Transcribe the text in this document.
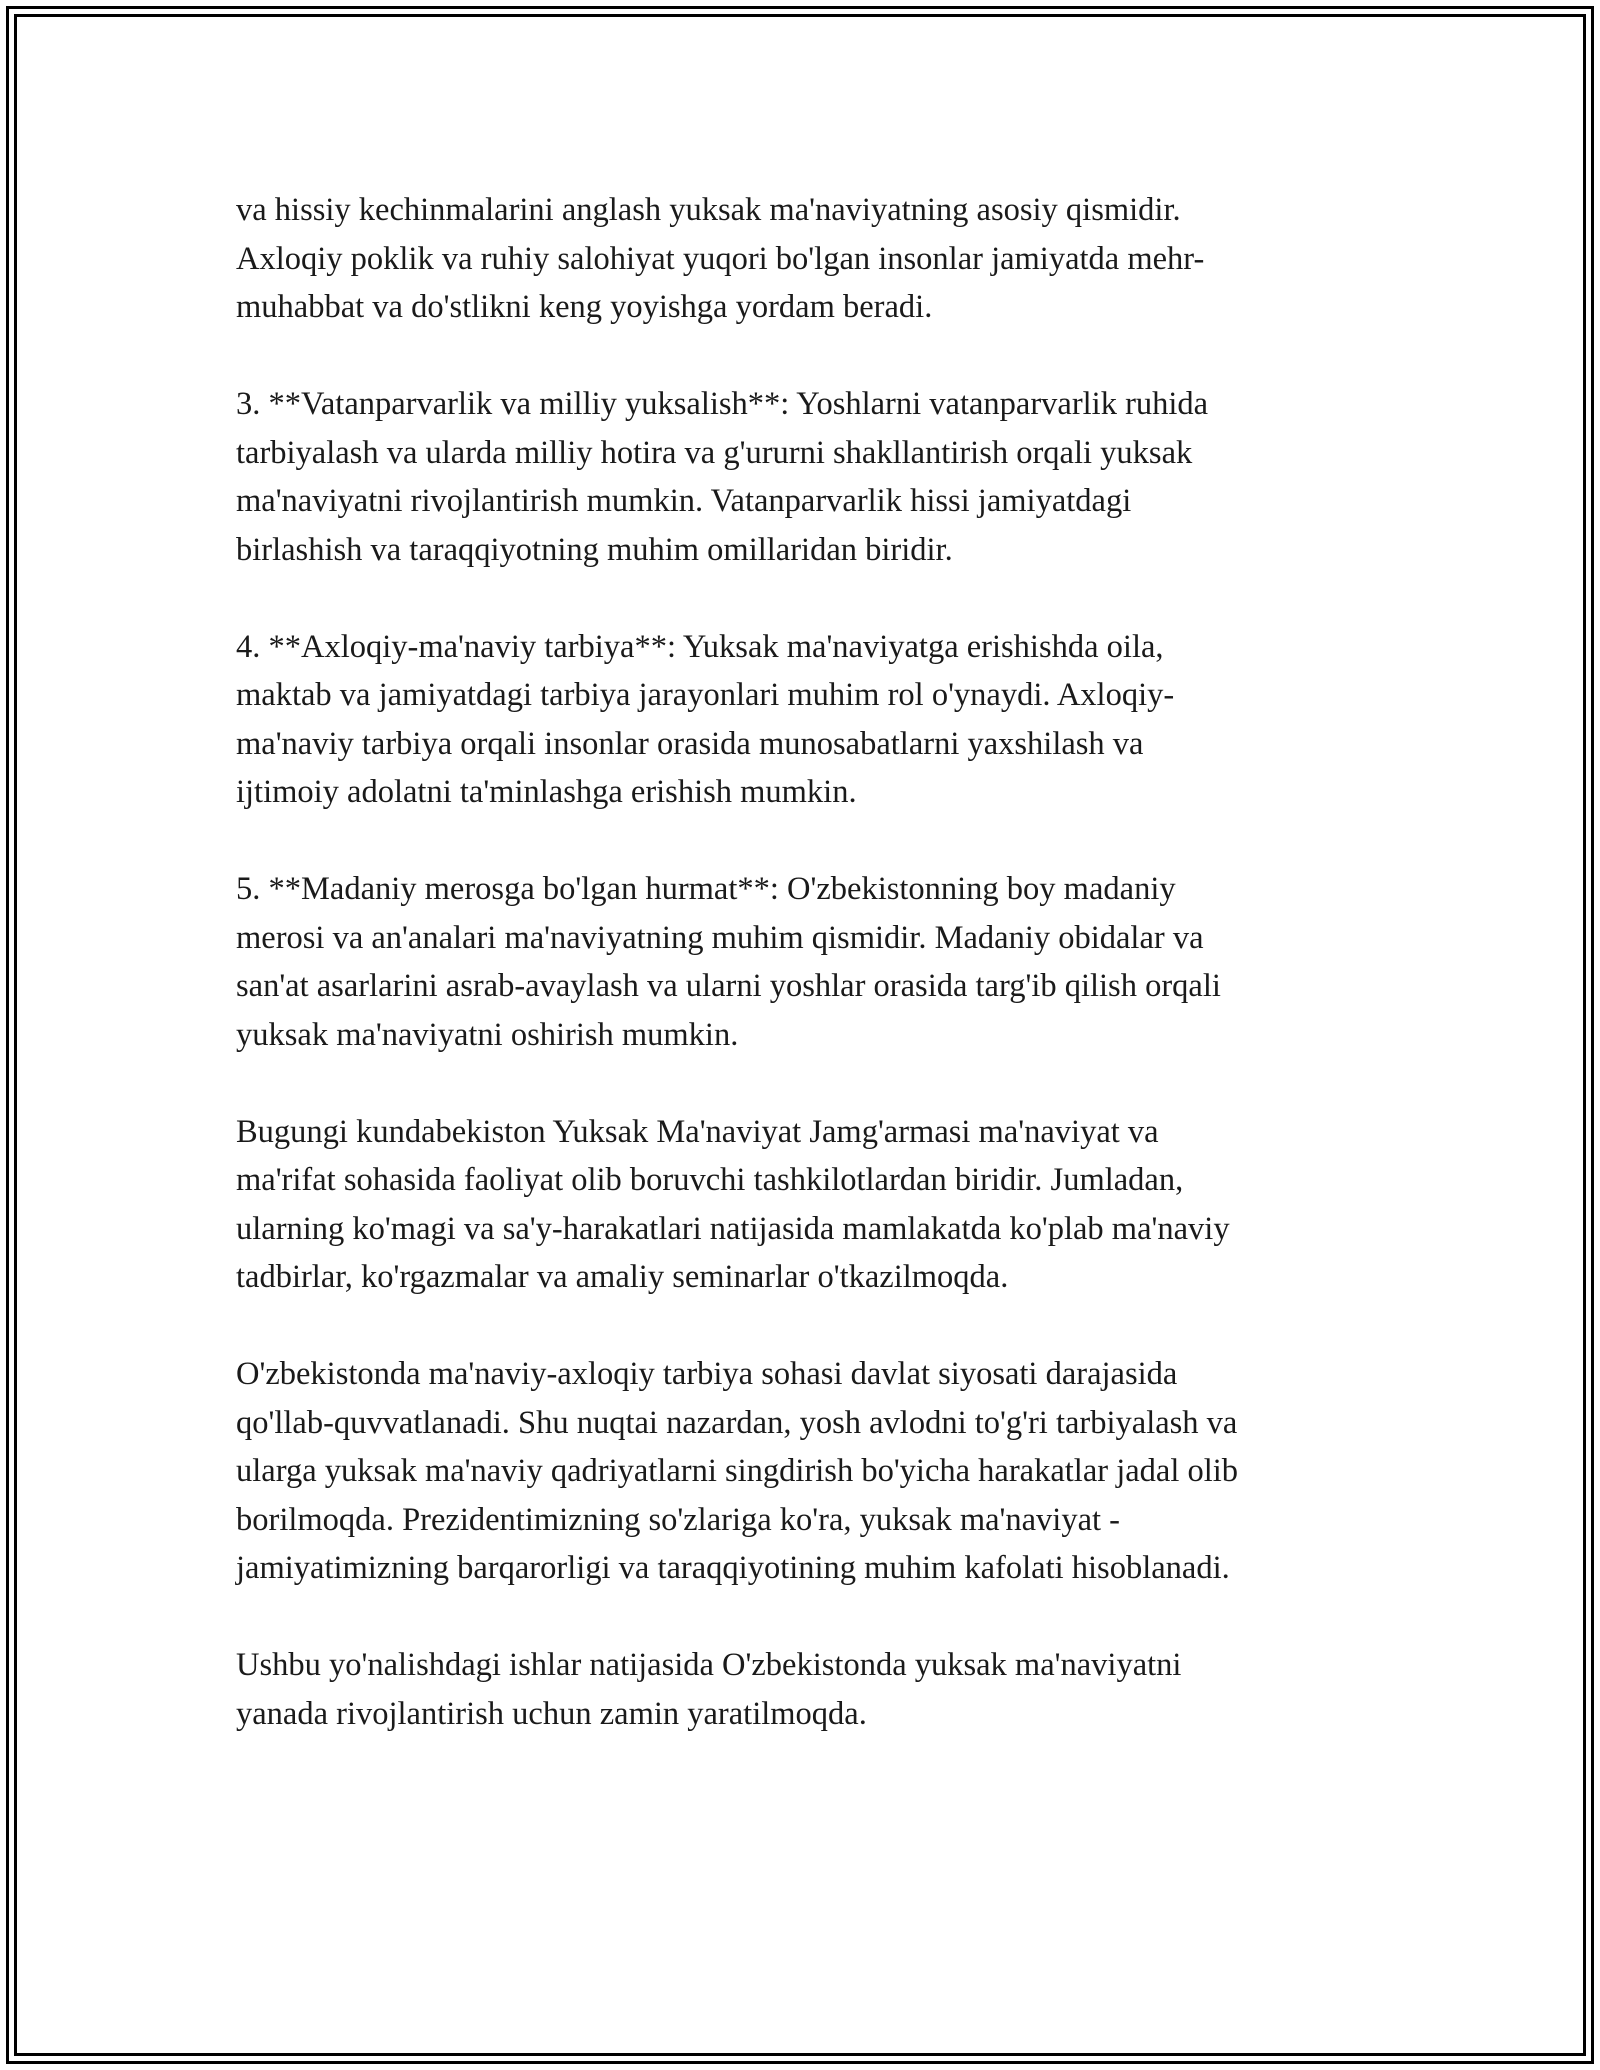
va hissiy kechinmalarini anglash yuksak ma'naviyatning asosiy qismidir.
Axloqiy poklik va ruhiy salohiyat yuqori bo'lgan insonlar jamiyatda mehr-
muhabbat va do'stlikni keng yoyishga yordam beradi.

3. **Vatanparvarlik va milliy yuksalish**: Yoshlarni vatanparvarlik ruhida
tarbiyalash va ularda milliy hotira va g'ururni shakllantirish orqali yuksak
ma'naviyatni rivojlantirish mumkin. Vatanparvarlik hissi jamiyatdagi
birlashish va taraqqiyotning muhim omillaridan biridir.

4. **Axloqiy-ma'naviy tarbiya**: Yuksak ma'naviyatga erishishda oila,
maktab va jamiyatdagi tarbiya jarayonlari muhim rol o'ynaydi. Axloqiy-
ma'naviy tarbiya orqali insonlar orasida munosabatlarni yaxshilash va
ijtimoiy adolatni ta'minlashga erishish mumkin.

5. **Madaniy merosga bo'lgan hurmat**: O'zbekistonning boy madaniy
merosi va an'analari ma'naviyatning muhim qismidir. Madaniy obidalar va
san'at asarlarini asrab-avaylash va ularni yoshlar orasida targ'ib qilish orqali
yuksak ma'naviyatni oshirish mumkin.

Bugungi kundabekiston Yuksak Ma'naviyat Jamg'armasi ma'naviyat va
ma'rifat sohasida faoliyat olib boruvchi tashkilotlardan biridir. Jumladan,
ularning ko'magi va sa'y-harakatlari natijasida mamlakatda ko'plab ma'naviy
tadbirlar, ko'rgazmalar va amaliy seminarlar o'tkazilmoqda.

O'zbekistonda ma'naviy-axloqiy tarbiya sohasi davlat siyosati darajasida
qo'llab-quvvatlanadi. Shu nuqtai nazardan, yosh avlodni to'g'ri tarbiyalash va
ularga yuksak ma'naviy qadriyatlarni singdirish bo'yicha harakatlar jadal olib
borilmoqda. Prezidentimizning so'zlariga ko'ra, yuksak ma'naviyat -
jamiyatimizning barqarorligi va taraqqiyotining muhim kafolati hisoblanadi.

Ushbu yo'nalishdagi ishlar natijasida O'zbekistonda yuksak ma'naviyatni
yanada rivojlantirish uchun zamin yaratilmoqda.
